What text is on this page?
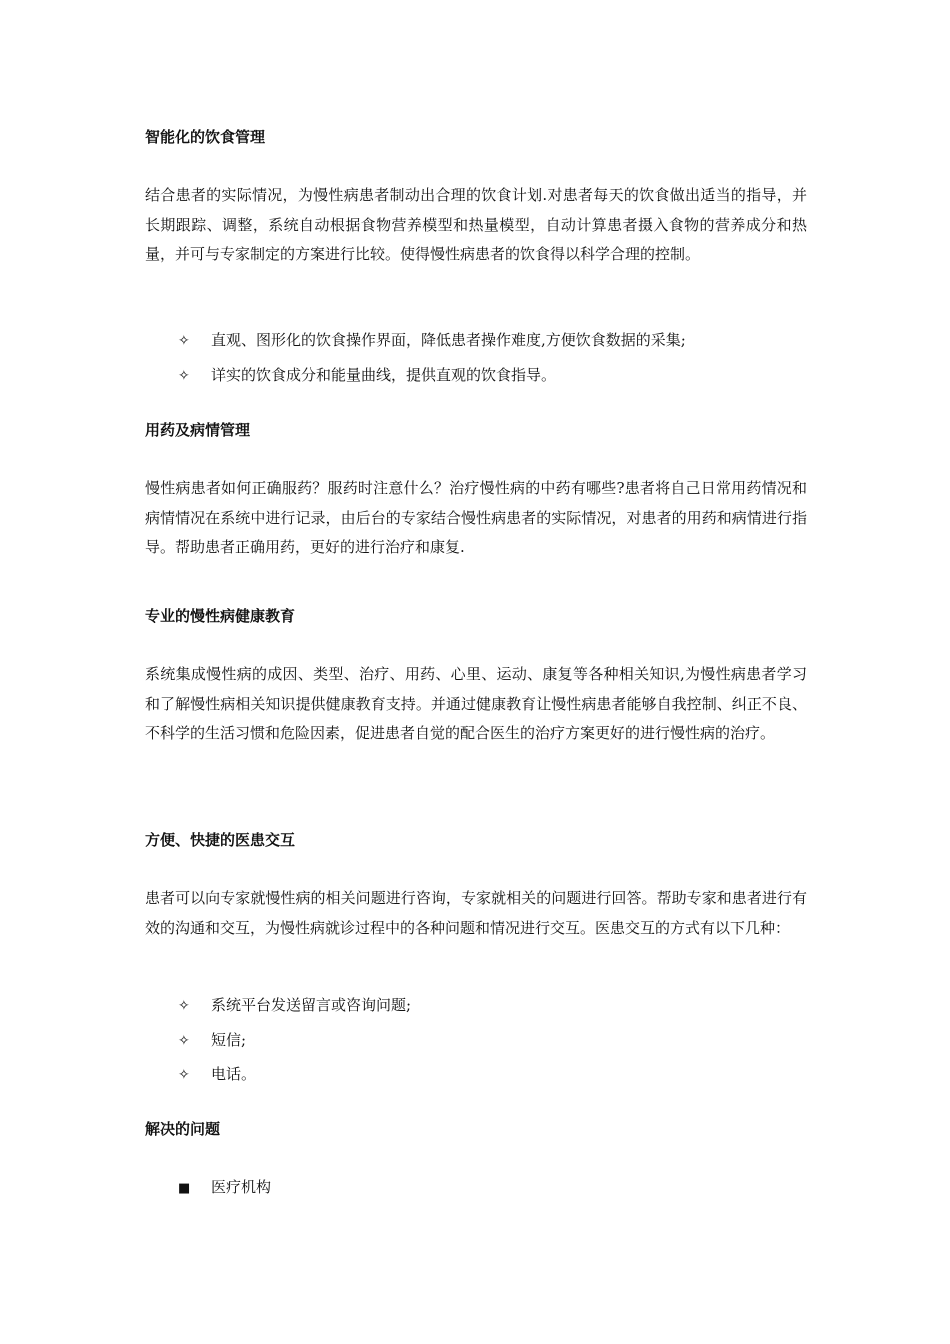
智能化的饮食管理

结合患者的实际情况，为慢性病患者制动出合理的饮食计划.对患者每天的饮食做出适当的指导，并长期跟踪、调整，系统自动根据食物营养模型和热量模型，自动计算患者摄入食物的营养成分和热量，并可与专家制定的方案进行比较。使得慢性病患者的饮食得以科学合理的控制。

✧ 直观、图形化的饮食操作界面，降低患者操作难度,方便饮食数据的采集;
✧ 详实的饮食成分和能量曲线，提供直观的饮食指导。
用药及病情管理

慢性病患者如何正确服药？服药时注意什么？治疗慢性病的中药有哪些?患者将自己日常用药情况和病情情况在系统中进行记录，由后台的专家结合慢性病患者的实际情况，对患者的用药和病情进行指导。帮助患者正确用药，更好的进行治疗和康复.

专业的慢性病健康教育

系统集成慢性病的成因、类型、治疗、用药、心里、运动、康复等各种相关知识,为慢性病患者学习和了解慢性病相关知识提供健康教育支持。并通过健康教育让慢性病患者能够自我控制、纠正不良、不科学的生活习惯和危险因素，促进患者自觉的配合医生的治疗方案更好的进行慢性病的治疗。

方便、快捷的医患交互

患者可以向专家就慢性病的相关问题进行咨询，专家就相关的问题进行回答。帮助专家和患者进行有效的沟通和交互，为慢性病就诊过程中的各种问题和情况进行交互。医患交互的方式有以下几种：

✧ 系统平台发送留言或咨询问题;
✧ 短信;
✧ 电话。
解决的问题
■ 医疗机构
